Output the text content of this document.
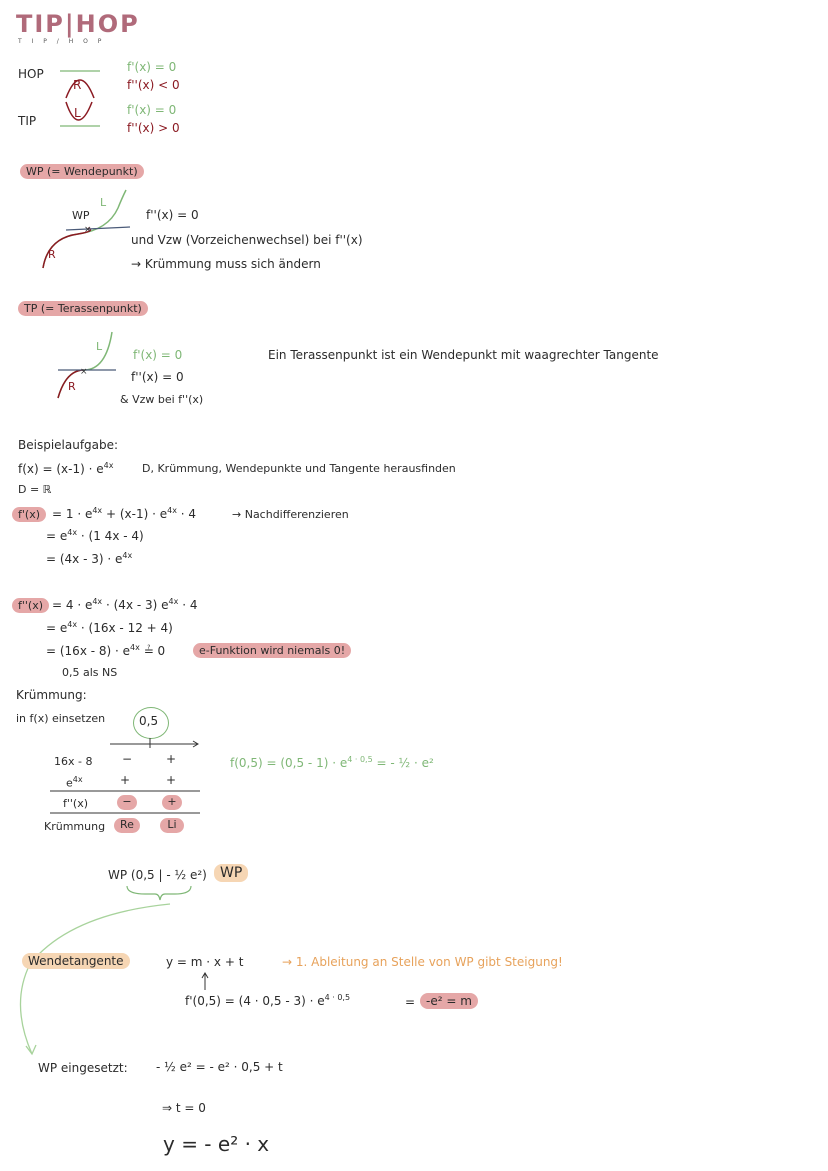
TIP|HOP
T I P / H O P
HOP
R
f'(x) = 0
f''(x) < 0
TIP
L	f'(x) = 0
f''(x) > 0
WP (= Wendepunkt)
×
WP
L
R
f''(x) = 0
und Vzw (Vorzeichenwechsel) bei f''(x)
→ Krümmung muss sich ändern
TP (= Terassenpunkt)
×
L
R
f'(x) = 0
f''(x) = 0
& Vzw bei f''(x)
Ein Terassenpunkt ist ein Wendepunkt mit waagrechter Tangente
Beispielaufgabe:
$f(x) = (x-1) \cdot e^{4x}$	D, Krümmung, Wendepunkte und Tangente herausfinden
D = ℝ
f'(x)	= $1 \cdot e^{4x} + (x-1) \cdot e^{4x} \cdot 4$	→ Nachdifferenzieren
= $e^{4x} \cdot (1$ 4x - 4)
= $(4x - 3) \cdot e^{4x}$
$f''(x) = 4 \cdot e^{4x} \cdot (4x - 3) e^{4x} \cdot 4$
= $e^{4x} \cdot (16x - 12 + 4)$
= $(16x - 8) \cdot e^{4x}$ ≟ 0	e-Funktion wird niemals 0!
0,5 als NS
Krümmung:
in f(x) einsetzen	0,5
16x - 8 −	+
$e^{4x}$	+	+
f''(x)	−	+
Krümmung	Re	Li
$f(0,5) = (0,5 - 1) \cdot e^{4 \cdot 0,5}$ = - ½ · e²
WP (0,5 | - ½ e²) WP
Wendetangente	y = m · x + t	→ 1. Ableitung an Stelle von WP gibt Steigung!
$f'(0,5) = (4 \cdot 0,5 - 3) \cdot e^{4 \cdot 0,5}$	= -e² = m
WP eingesetzt: - ½ e² = - e² · 0,5 + t
⇒ t = 0
y = - e² · x
